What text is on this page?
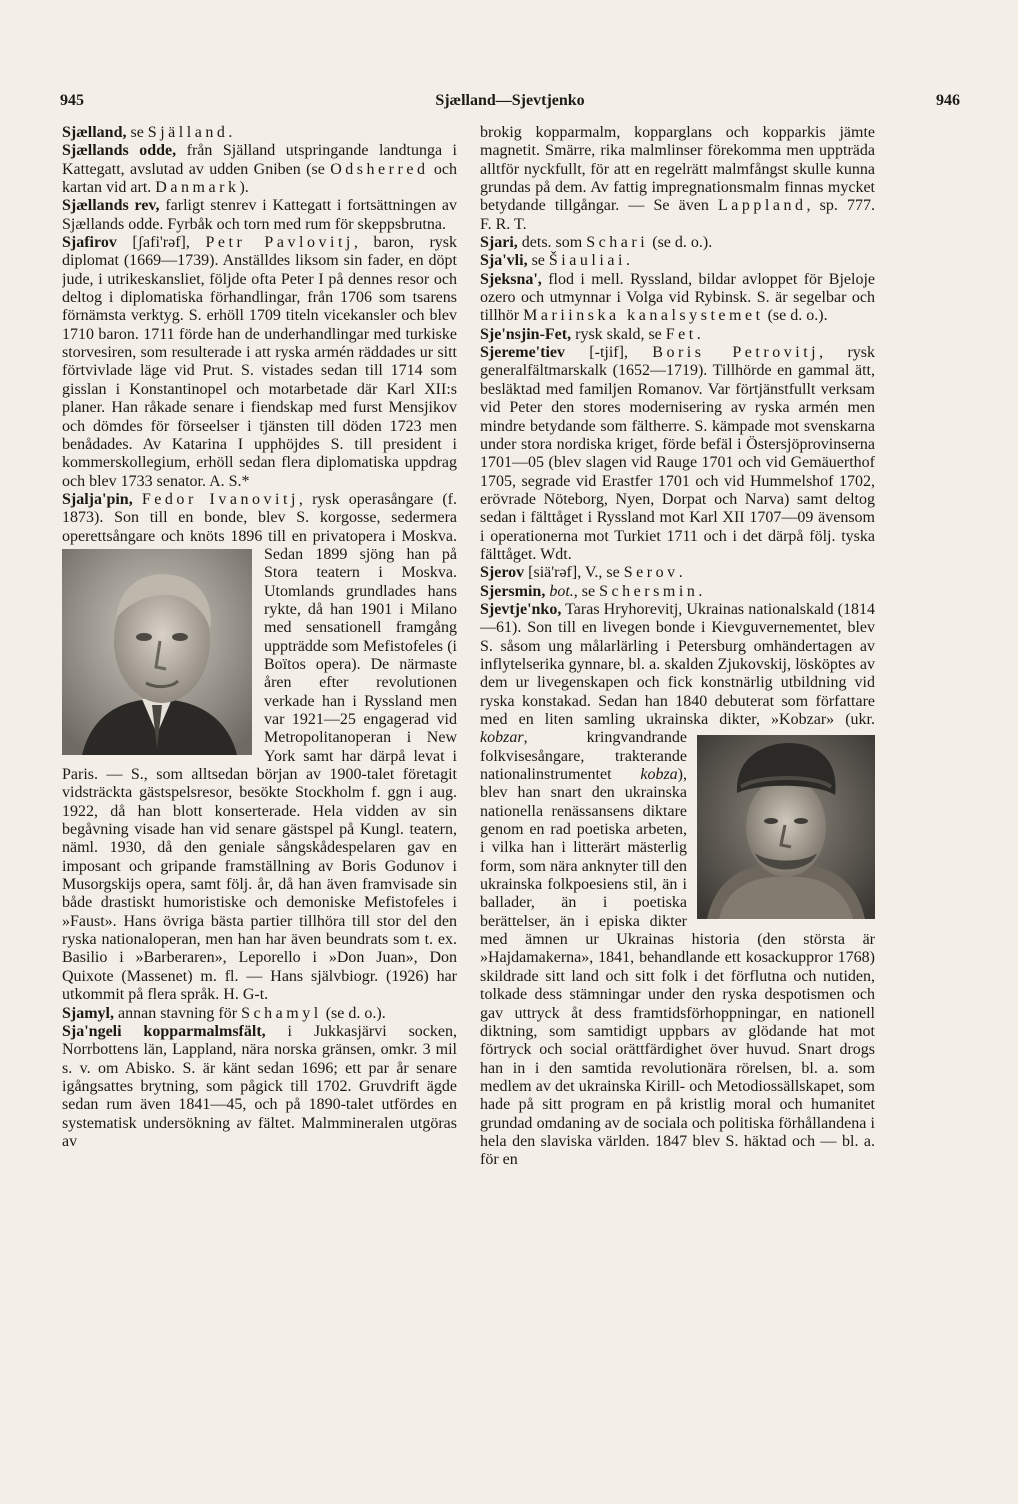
945	Sjælland—Sjevtjenko	946

Sjælland, se Själland.

Sjællands odde, från Själland utspringande landtunga i Kattegatt, avslutad av udden Gniben (se Odsherred och kartan vid art. Danmark).

Sjællands rev, farligt stenrev i Kattegatt i fortsättningen av Sjællands odde. Fyrbåk och torn med rum för skeppsbrutna.

Sjafirov [ʃafi'rəf], Petr Pavlovitj, baron, rysk diplomat (1669—1739). Anställdes liksom sin fader, en döpt jude, i utrikeskansliet, följde ofta Peter I på dennes resor och deltog i diplomatiska förhandlingar, från 1706 som tsarens förnämsta verktyg. S. erhöll 1709 titeln vicekansler och blev 1710 baron. 1711 förde han de underhandlingar med turkiske storvesiren, som resulterade i att ryska armén räddades ur sitt förtvivlade läge vid Prut. S. vistades sedan till 1714 som gisslan i Konstantinopel och motarbetade där Karl XII:s planer. Han råkade senare i fiendskap med furst Mensjikov och dömdes för förseelser i tjänsten till döden 1723 men benådades. Av Katarina I upphöjdes S. till president i kommerskollegium, erhöll sedan flera diplomatiska uppdrag och blev 1733 senator. A. S.*

Sjalja'pin, Fedor Ivanovitj, rysk operasångare (f. 1873). Son till en bonde, blev S. korgosse, sedermera operettsångare och knöts 1896 till en privatopera i Moskva.
Sedan 1899 sjöng han på Stora teatern i Moskva. Utomlands grundlades hans rykte, då han 1901 i Milano med sensationell framgång uppträdde som Mefistofeles (i Boïtos opera). De närmaste åren efter revolutionen verkade han i Ryssland men var 1921—25 engagerad vid Metropolitanoperan i New York samt har därpå levat i Paris. — S., som alltsedan början av 1900-talet företagit vidsträckta gästspelsresor, besökte Stockholm f. ggn i aug. 1922, då han blott konserterade. Hela vidden av sin begåvning visade han vid senare gästspel på Kungl. teatern, näml. 1930, då den geniale sångskådespelaren gav en imposant och gripande framställning av Boris Godunov i Musorgskijs opera, samt följ. år, då han även framvisade sin både drastiskt humoristiske och demoniske Mefistofeles i »Faust». Hans övriga bästa partier tillhöra till stor del den ryska nationaloperan, men han har även beundrats som t. ex. Basilio i »Barberaren», Leporello i »Don Juan», Don Quixote (Massenet) m. fl. — Hans självbiogr. (1926) har utkommit på flera språk. H. G-t.

Sjamyl, annan stavning för Schamyl (se d. o.).

Sja'ngeli kopparmalmsfält, i Jukkasjärvi socken, Norrbottens län, Lappland, nära norska gränsen, omkr. 3 mil s. v. om Abisko. S. är känt sedan 1696; ett par år senare igångsattes brytning, som pågick till 1702. Gruvdrift ägde sedan rum även 1841—45, och på 1890-talet utfördes en systematisk undersökning av fältet. Malmmineralen utgöras av

brokig kopparmalm, kopparglans och kopparkis jämte magnetit. Smärre, rika malmlinser förekomma men uppträda alltför nyckfullt, för att en regelrätt malmfångst skulle kunna grundas på dem. Av fattig impregnationsmalm finnas mycket betydande tillgångar. — Se även Lappland, sp. 777. F. R. T.

Sjari, dets. som Schari (se d. o.).

Sja'vli, se Šiauliai.

Sjeksna', flod i mell. Ryssland, bildar avloppet för Bjeloje ozero och utmynnar i Volga vid Rybinsk. S. är segelbar och tillhör Mariinska kanalsystemet (se d. o.).

Sje'nsjin-Fet, rysk skald, se Fet.

Sjereme'tiev [-tjif], Boris Petrovitj, rysk generalfältmarskalk (1652—1719). Tillhörde en gammal ätt, besläktad med familjen Romanov. Var förtjänstfullt verksam vid Peter den stores modernisering av ryska armén men mindre betydande som fältherre. S. kämpade mot svenskarna under stora nordiska kriget, förde befäl i Östersjöprovinserna 1701—05 (blev slagen vid Rauge 1701 och vid Gemäuerthof 1705, segrade vid Erastfer 1701 och vid Hummelshof 1702, erövrade Nöteborg, Nyen, Dorpat och Narva) samt deltog sedan i fälttåget i Ryssland mot Karl XII 1707—09 ävensom i operationerna mot Turkiet 1711 och i det därpå följ. tyska fälttåget. Wdt.

Sjerov [siä'rəf], V., se Serov.

Sjersmin, bot., se Schersmin.

Sjevtje'nko, Taras Hryhorevitj, Ukrainas nationalskald (1814—61). Son till en livegen bonde i Kievguvernementet, blev S. såsom ung målarlärling i Petersburg omhändertagen av inflytelserika gynnare, bl. a. skalden Zjukovskij, lösköptes av dem ur livegenskapen och fick konstnärlig utbildning vid ryska konstakad. Sedan han 1840 debuterat som författare med en liten samling ukrainska dikter, »Kobzar» (ukr.
kobzar, kringvandrande folkvisesångare, trakterande nationalinstrumentet kobza), blev han snart den ukrainska nationella renässansens diktare genom en rad poetiska arbeten, i vilka han i litterärt mästerlig form, som nära anknyter till den ukrainska folkpoesiens stil, än i ballader, än i poetiska berättelser, än i episka dikter med ämnen ur Ukrainas historia (den största är »Hajdamakerna», 1841, behandlande ett kosackuppror 1768) skildrade sitt land och sitt folk i det förflutna och nutiden, tolkade dess stämningar under den ryska despotismen och gav uttryck åt dess framtidsförhoppningar, en nationell diktning, som samtidigt uppbars av glödande hat mot förtryck och social orättfärdighet över huvud. Snart drogs han in i den samtida revolutionära rörelsen, bl. a. som medlem av det ukrainska Kirill- och Metodiossällskapet, som hade på sitt program en på kristlig moral och humanitet grundad omdaning av de sociala och politiska förhållandena i hela den slaviska världen. 1847 blev S. häktad och — bl. a. för en
